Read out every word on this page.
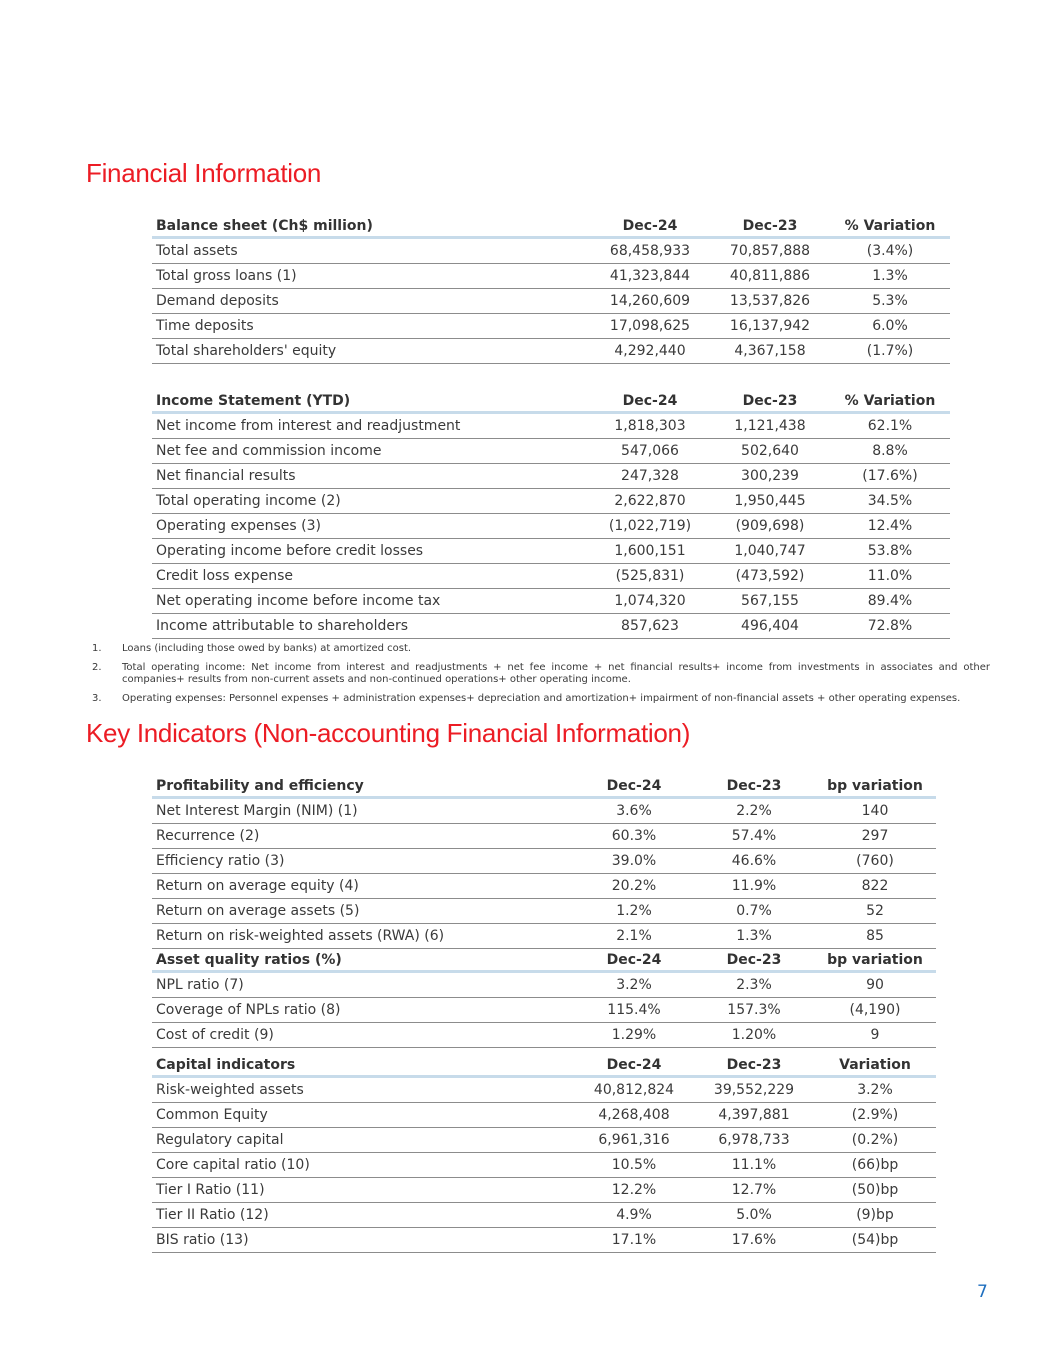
Financial Information
Balance sheet (Ch$ million)	Dec-24	Dec-23	% Variation
Total assets	68,458,933	70,857,888	(3.4%)
Total gross loans (1)	41,323,844	40,811,886	1.3%
Demand deposits	14,260,609	13,537,826	5.3%
Time deposits	17,098,625	16,137,942	6.0%
Total shareholders' equity	4,292,440	4,367,158	(1.7%)
Income Statement (YTD)	Dec-24	Dec-23	% Variation
Net income from interest and readjustment	1,818,303	1,121,438	62.1%
Net fee and commission income	547,066	502,640	8.8%
Net financial results	247,328	300,239	(17.6%)
Total operating income (2)	2,622,870	1,950,445	34.5%
Operating expenses (3)	(1,022,719)	(909,698)	12.4%
Operating income before credit losses	1,600,151	1,040,747	53.8%
Credit loss expense	(525,831)	(473,592)	11.0%
Net operating income before income tax	1,074,320	567,155	89.4%
Income attributable to shareholders	857,623	496,404	72.8%
1. Loans (including those owed by banks) at amortized cost.
2. Total operating income: Net income from interest and readjustments + net fee income + net financial results+ income from investments in associates and other companies+ results from non-current assets and non-continued operations+ other operating income.
3. Operating expenses: Personnel expenses + administration expenses+ depreciation and amortization+ impairment of non-financial assets + other operating expenses.
Key Indicators (Non-accounting Financial Information)
Profitability and efficiency	Dec-24	Dec-23	bp variation
Net Interest Margin (NIM) (1)	3.6%	2.2%	140
Recurrence (2)	60.3%	57.4%	297
Efficiency ratio (3)	39.0%	46.6%	(760)
Return on average equity (4)	20.2%	11.9%	822
Return on average assets (5)	1.2%	0.7%	52
Return on risk-weighted assets (RWA) (6)	2.1%	1.3%	85
Asset quality ratios (%)	Dec-24	Dec-23	bp variation
NPL ratio (7)	3.2%	2.3%	90
Coverage of NPLs ratio (8)	115.4%	157.3%	(4,190)
Cost of credit (9)	1.29%	1.20%	9
Capital indicators	Dec-24	Dec-23	Variation
Risk-weighted assets	40,812,824	39,552,229	3.2%
Common Equity	4,268,408	4,397,881	(2.9%)
Regulatory capital	6,961,316	6,978,733	(0.2%)
Core capital ratio (10)	10.5%	11.1%	(66)bp
Tier I Ratio (11)	12.2%	12.7%	(50)bp
Tier II Ratio (12)	4.9%	5.0%	(9)bp
BIS ratio (13)	17.1%	17.6%	(54)bp
7
